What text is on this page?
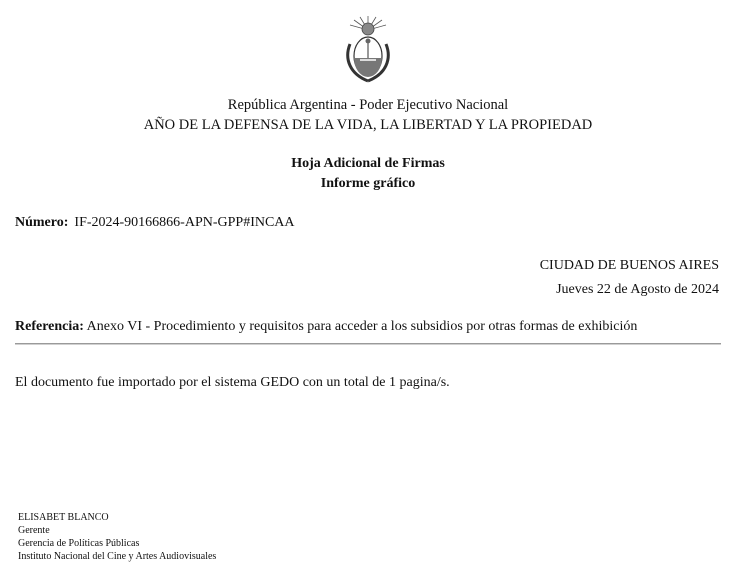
República Argentina - Poder Ejecutivo Nacional
AÑO DE LA DEFENSA DE LA VIDA, LA LIBERTAD Y LA PROPIEDAD
Hoja Adicional de Firmas
Informe gráfico
Número: IF-2024-90166866-APN-GPP#INCAA
CIUDAD DE BUENOS AIRES
Jueves 22 de Agosto de 2024
Referencia: Anexo VI - Procedimiento y requisitos para acceder a los subsidios por otras formas de exhibición
El documento fue importado por el sistema GEDO con un total de 1 pagina/s.
ELISABET BLANCO
Gerente
Gerencia de Políticas Públicas
Instituto Nacional del Cine y Artes Audiovisuales
